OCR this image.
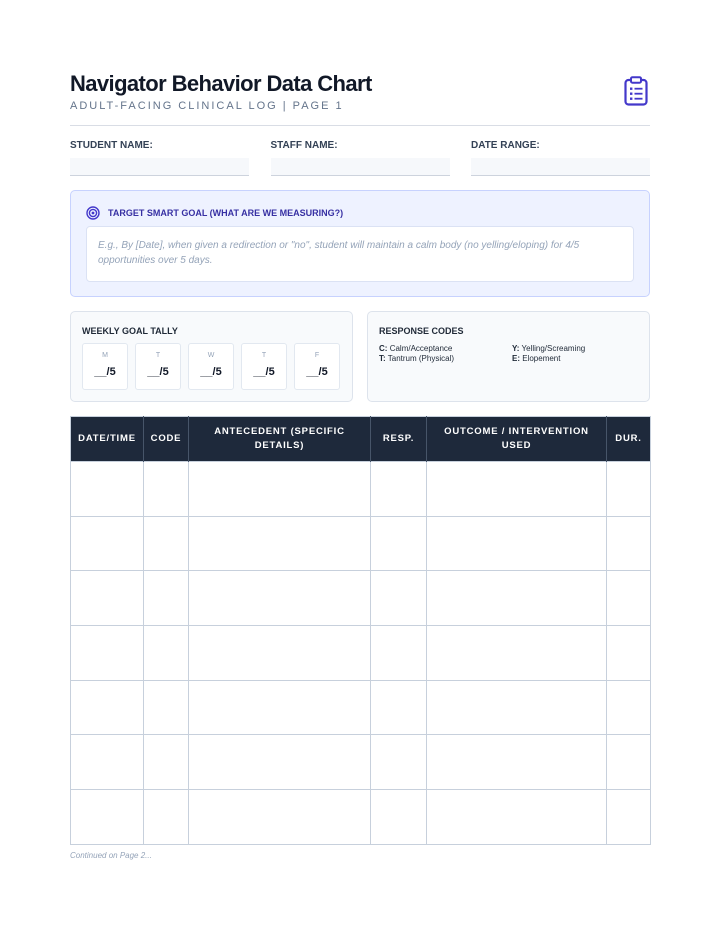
Navigator Behavior Data Chart
ADULT-FACING CLINICAL LOG | PAGE 1
STUDENT NAME:	STAFF NAME:	DATE RANGE:
TARGET SMART GOAL (WHAT ARE WE MEASURING?)
E.g., By [Date], when given a redirection or "no", student will maintain a calm body (no yelling/eloping) for 4/5 opportunities over 5 days.
WEEKLY GOAL TALLY
M
__/5
T
__/5
W
__/5
T
__/5
F
__/5
RESPONSE CODES
C: Calm/Acceptance	Y: Yelling/Screaming
T: Tantrum (Physical)	E: Elopement
DATE/TIME	CODE	ANTECEDENT (SPECIFIC DETAILS)	RESP.	OUTCOME / INTERVENTION USED	DUR.

Continued on Page 2...
